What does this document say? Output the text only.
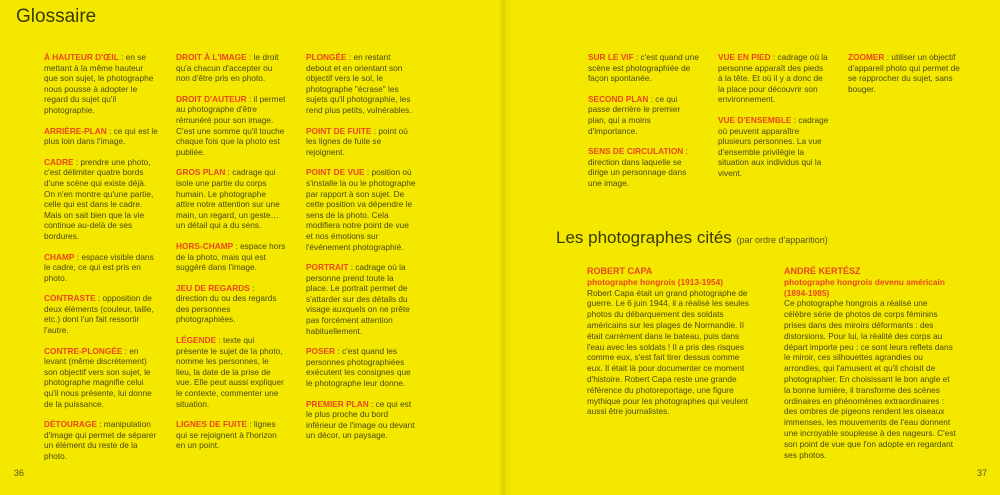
Glossaire

À HAUTEUR D'ŒIL : en se mettant à la même hauteur que son sujet, le photographe nous pousse à adopter le regard du sujet qu'il photographie.

ARRIÈRE-PLAN : ce qui est le plus loin dans l'image.

CADRE : prendre une photo, c'est délimiter quatre bords d'une scène qui existe déjà. On n'en montre qu'une partie, celle qui est dans le cadre. Mais on sait bien que la vie continue au-delà de ses bordures.

CHAMP : espace visible dans le cadre, ce qui est pris en photo.

CONTRASTE : opposition de deux éléments (couleur, taille, etc.) dont l'un fait ressortir l'autre.

CONTRE-PLONGÉE : en levant (même discrètement) son objectif vers son sujet, le photographe magnifie celui qu'il nous présente, lui donne de la puissance.

DÉTOURAGE : manipulation d'image qui permet de séparer un élément du reste de la photo.

DROIT À L'IMAGE : le droit qu'a chacun d'accepter ou non d'être pris en photo.

DROIT D'AUTEUR : il permet au photographe d'être rémunéré pour son image. C'est une somme qu'il touche chaque fois que la photo est publiée.

GROS PLAN : cadrage qui isole une partie du corps humain. Le photographe attire notre attention sur une main, un regard, un geste… un détail qui a du sens.

HORS-CHAMP : espace hors de la photo, mais qui est suggéré dans l'image.

JEU DE REGARDS : direction du ou des regards des personnes photographiées.

LÉGENDE : texte qui présente le sujet de la photo, nomme les personnes, le lieu, la date de la prise de vue. Elle peut aussi expliquer le contexte, commenter une situation.

LIGNES DE FUITE : lignes qui se rejoignent à l'horizon en un point.

PLONGÉE : en restant debout et en orientant son objectif vers le sol, le photographe "écrase" les sujets qu'il photographie, les rend plus petits, vulnérables.

POINT DE FUITE : point où les lignes de fuite se rejoignent.

POINT DE VUE : position où s'installe la ou le photographe par rapport à son sujet. De cette position va dépendre le sens de la photo. Cela modifiera notre point de vue et nos émotions sur l'événement photographié.

PORTRAIT : cadrage où la personne prend toute la place. Le portrait permet de s'attarder sur des détails du visage auxquels on ne prête pas forcément attention habituellement.

POSER : c'est quand les personnes photographiées exécutent les consignes que le photographe leur donne.

PREMIER PLAN : ce qui est le plus proche du bord inférieur de l'image ou devant un décor, un paysage.

36

SUR LE VIF : c'est quand une scène est photographiée de façon spontanée.

SECOND PLAN : ce qui passe derrière le premier plan, qui a moins d'importance.

SENS DE CIRCULATION : direction dans laquelle se dirige un personnage dans une image.

VUE EN PIED : cadrage où la personne apparaît des pieds à la tête. Et où il y a donc de la place pour découvrir son environnement.

VUE D'ENSEMBLE : cadrage où peuvent apparaître plusieurs personnes. La vue d'ensemble privilégie la situation aux individus qui la vivent.

ZOOMER : utiliser un objectif d'appareil photo qui permet de se rapprocher du sujet, sans bouger.

Les photographes cités (par ordre d'apparition)
ROBERT CAPA
photographe hongrois (1913-1954)
Robert Capa était un grand photographe de guerre. Le 6 juin 1944, il a réalisé les seules photos du débarquement des soldats américains sur les plages de Normandie. Il était carrément dans le bateau, puis dans l'eau avec les soldats ! Il a pris des risques comme eux, s'est fait tirer dessus comme eux. Il était là pour documenter ce moment d'histoire. Robert Capa reste une grande référence du photoreportage, une figure mythique pour les photographes qui veulent aussi être journalistes.
ANDRÉ KERTÉSZ
photographe hongrois devenu américain (1894-1985)
Ce photographe hongrois a réalisé une célèbre série de photos de corps féminins prises dans des miroirs déformants : des distorsions. Pour lui, la réalité des corps au départ importe peu : ce sont leurs reflets dans le miroir, ces silhouettes agrandies ou arrondies, qui l'amusent et qu'il choisit de photographier. En choisissant le bon angle et la bonne lumière, il transforme des scènes ordinaires en phénomènes extraordinaires : des ombres de pigeons rendent les oiseaux immenses, les mouvements de l'eau donnent une incroyable souplesse à des nageurs. C'est son point de vue que l'on adopte en regardant ses photos.
37
